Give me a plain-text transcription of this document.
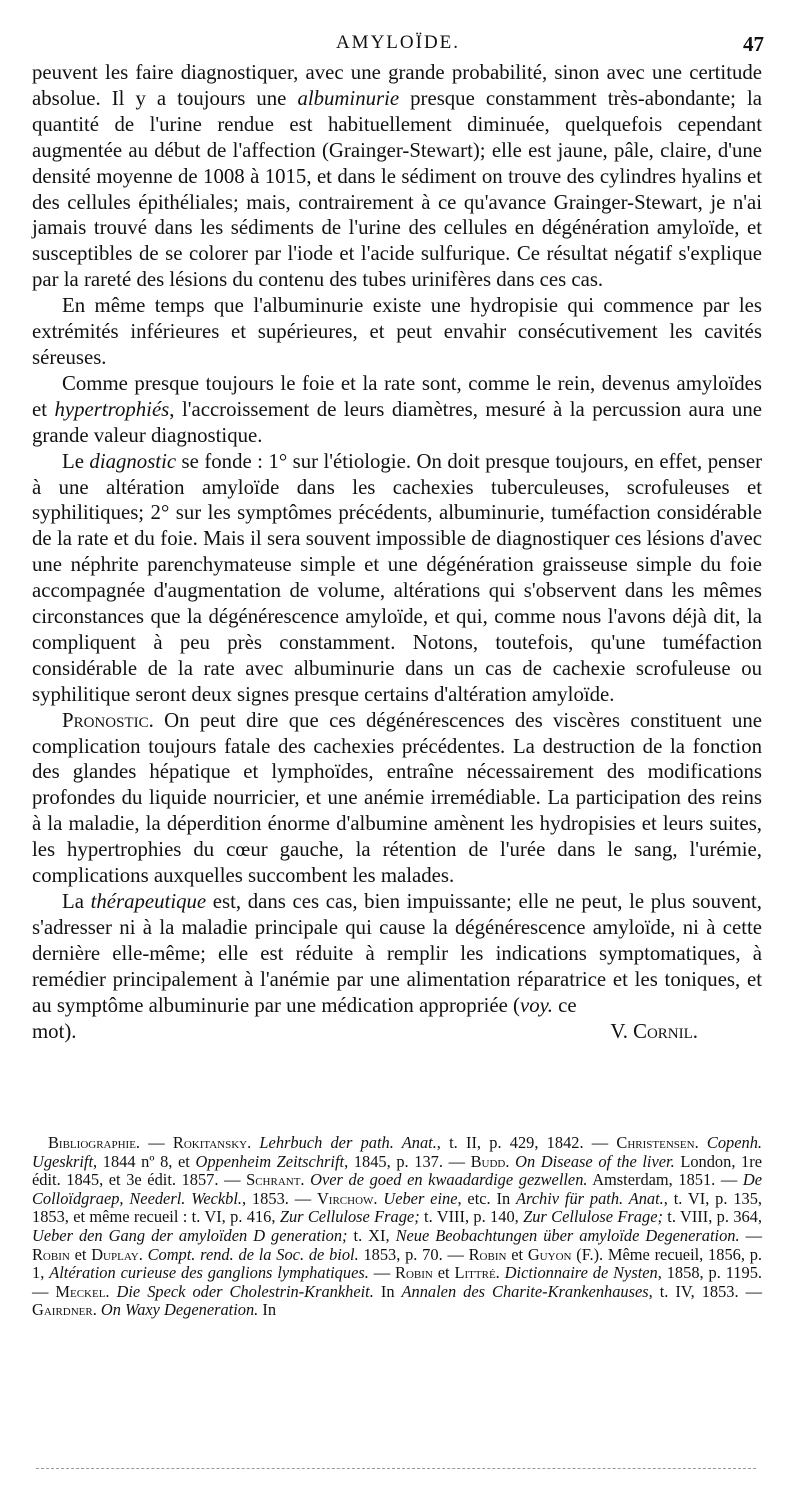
AMYLOÏDE.	47

peuvent les faire diagnostiquer, avec une grande probabilité, sinon avec une certitude absolue. Il y a toujours une albuminurie presque constamment très-abondante; la quantité de l'urine rendue est habituellement diminuée, quelquefois cependant augmentée au début de l'affection (Grainger-Stewart); elle est jaune, pâle, claire, d'une densité moyenne de 1008 à 1015, et dans le sédiment on trouve des cylindres hyalins et des cellules épithéliales; mais, contrairement à ce qu'avance Grainger-Stewart, je n'ai jamais trouvé dans les sédiments de l'urine des cellules en dégénération amyloïde, et susceptibles de se colorer par l'iode et l'acide sulfurique. Ce résultat négatif s'explique par la rareté des lésions du contenu des tubes urinifères dans ces cas.

En même temps que l'albuminurie existe une hydropisie qui commence par les extrémités inférieures et supérieures, et peut envahir consécutivement les cavités séreuses.

Comme presque toujours le foie et la rate sont, comme le rein, devenus amyloïdes et hypertrophiés, l'accroissement de leurs diamètres, mesuré à la percussion aura une grande valeur diagnostique.

Le diagnostic se fonde : 1° sur l'étiologie. On doit presque toujours, en effet, penser à une altération amyloïde dans les cachexies tuberculeuses, scrofuleuses et syphilitiques; 2° sur les symptômes précédents, albuminurie, tuméfaction considérable de la rate et du foie. Mais il sera souvent impossible de diagnostiquer ces lésions d'avec une néphrite parenchymateuse simple et une dégénération graisseuse simple du foie accompagnée d'augmentation de volume, altérations qui s'observent dans les mêmes circonstances que la dégénérescence amyloïde, et qui, comme nous l'avons déjà dit, la compliquent à peu près constamment. Notons, toutefois, qu'une tuméfaction considérable de la rate avec albuminurie dans un cas de cachexie scrofuleuse ou syphilitique seront deux signes presque certains d'altération amyloïde.

Pronostic. On peut dire que ces dégénérescences des viscères constituent une complication toujours fatale des cachexies précédentes. La destruction de la fonction des glandes hépatique et lymphoïdes, entraîne nécessairement des modifications profondes du liquide nourricier, et une anémie irremédiable. La participation des reins à la maladie, la déperdition énorme d'albumine amènent les hydropisies et leurs suites, les hypertrophies du cœur gauche, la rétention de l'urée dans le sang, l'urémie, complications auxquelles succombent les malades.

La thérapeutique est, dans ces cas, bien impuissante; elle ne peut, le plus souvent, s'adresser ni à la maladie principale qui cause la dégénérescence amyloïde, ni à cette dernière elle-même; elle est réduite à remplir les indications symptomatiques, à remédier principalement à l'anémie par une alimentation réparatrice et les toniques, et au symptôme albuminurie par une médication appropriée (voy. ce

mot).	V. Cornil.

Bibliographie. — Rokitansky. Lehrbuch der path. Anat., t. II, p. 429, 1842. — Christensen. Copenh. Ugeskrift, 1844 nº 8, et Oppenheim Zeitschrift, 1845, p. 137. — Budd. On Disease of the liver. London, 1re édit. 1845, et 3e édit. 1857. — Schrant. Over de goed en kwaadardige gezwellen. Amsterdam, 1851. — De Colloïdgraep, Neederl. Weckbl., 1853. — Virchow. Ueber eine, etc. In Archiv für path. Anat., t. VI, p. 135, 1853, et même recueil : t. VI, p. 416, Zur Cellulose Frage; t. VIII, p. 140, Zur Cellulose Frage; t. VIII, p. 364, Ueber den Gang der amyloïden D generation; t. XI, Neue Beobachtungen über amyloïde Degeneration. — Robin et Duplay. Compt. rend. de la Soc. de biol. 1853, p. 70. — Robin et Guyon (F.). Même recueil, 1856, p. 1, Altération curieuse des ganglions lymphatiques. — Robin et Littré. Dictionnaire de Nysten, 1858, p. 1195. — Meckel. Die Speck oder Cholestrin-Krankheit. In Annalen des Charite-Krankenhauses, t. IV, 1853. — Gairdner. On Waxy Degeneration. In
